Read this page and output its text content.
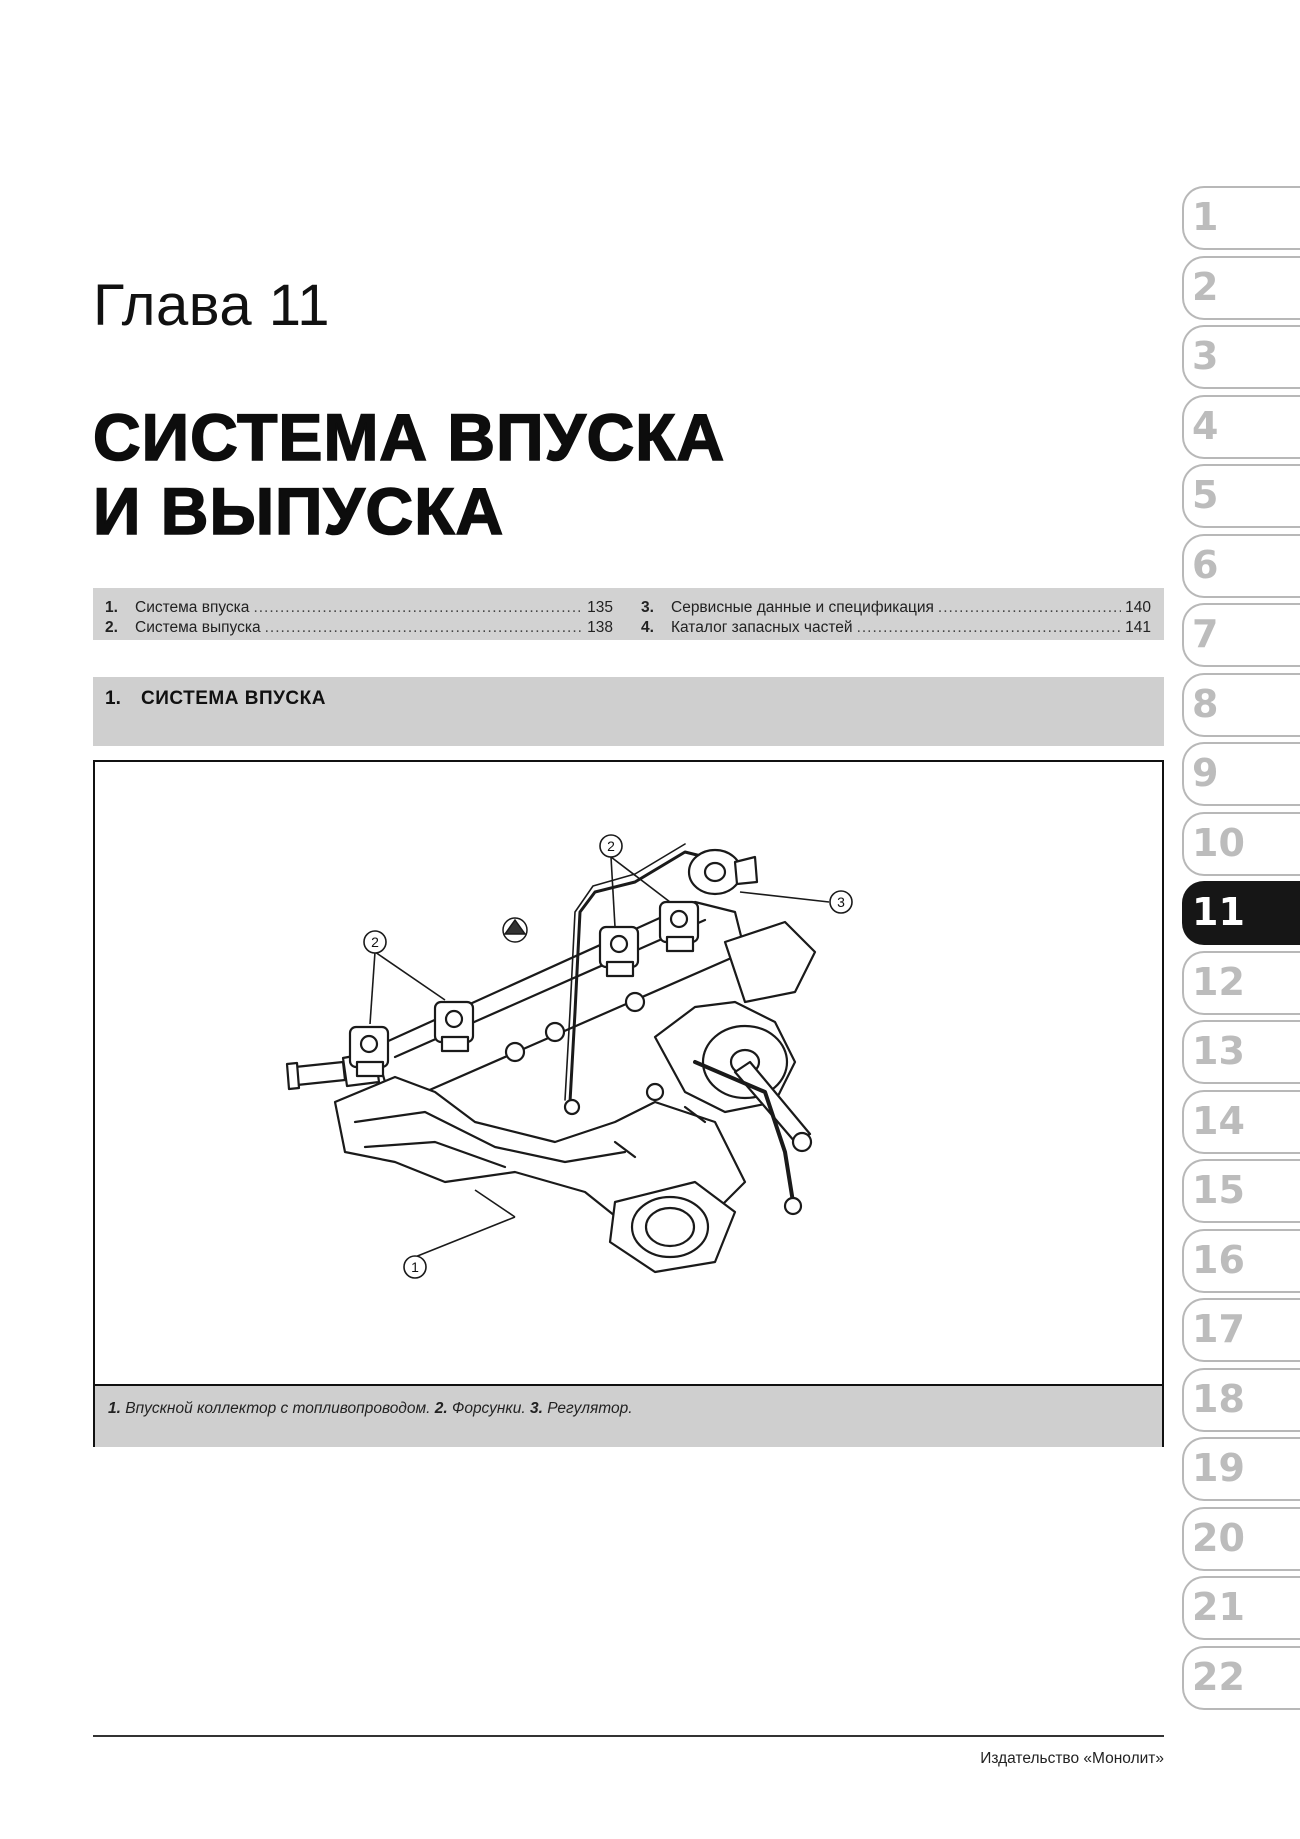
Глава 11
СИСТЕМА ВПУСКА
И ВЫПУСКА
1.	Система впуска .....	135
2.	Система выпуска .....	138
3.	Сервисные данные и спецификация .....	140
4.	Каталог запасных частей .....	141
1. СИСТЕМА ВПУСКА
2
2
3
1
1. Впускной коллектор с топливопроводом. 2. Форсунки. 3. Регулятор.
1
2
3
4
5
6
7
8
9
10
11
12
13
14
15
16
17
18
19
20
21
22
Издательство «Монолит»
